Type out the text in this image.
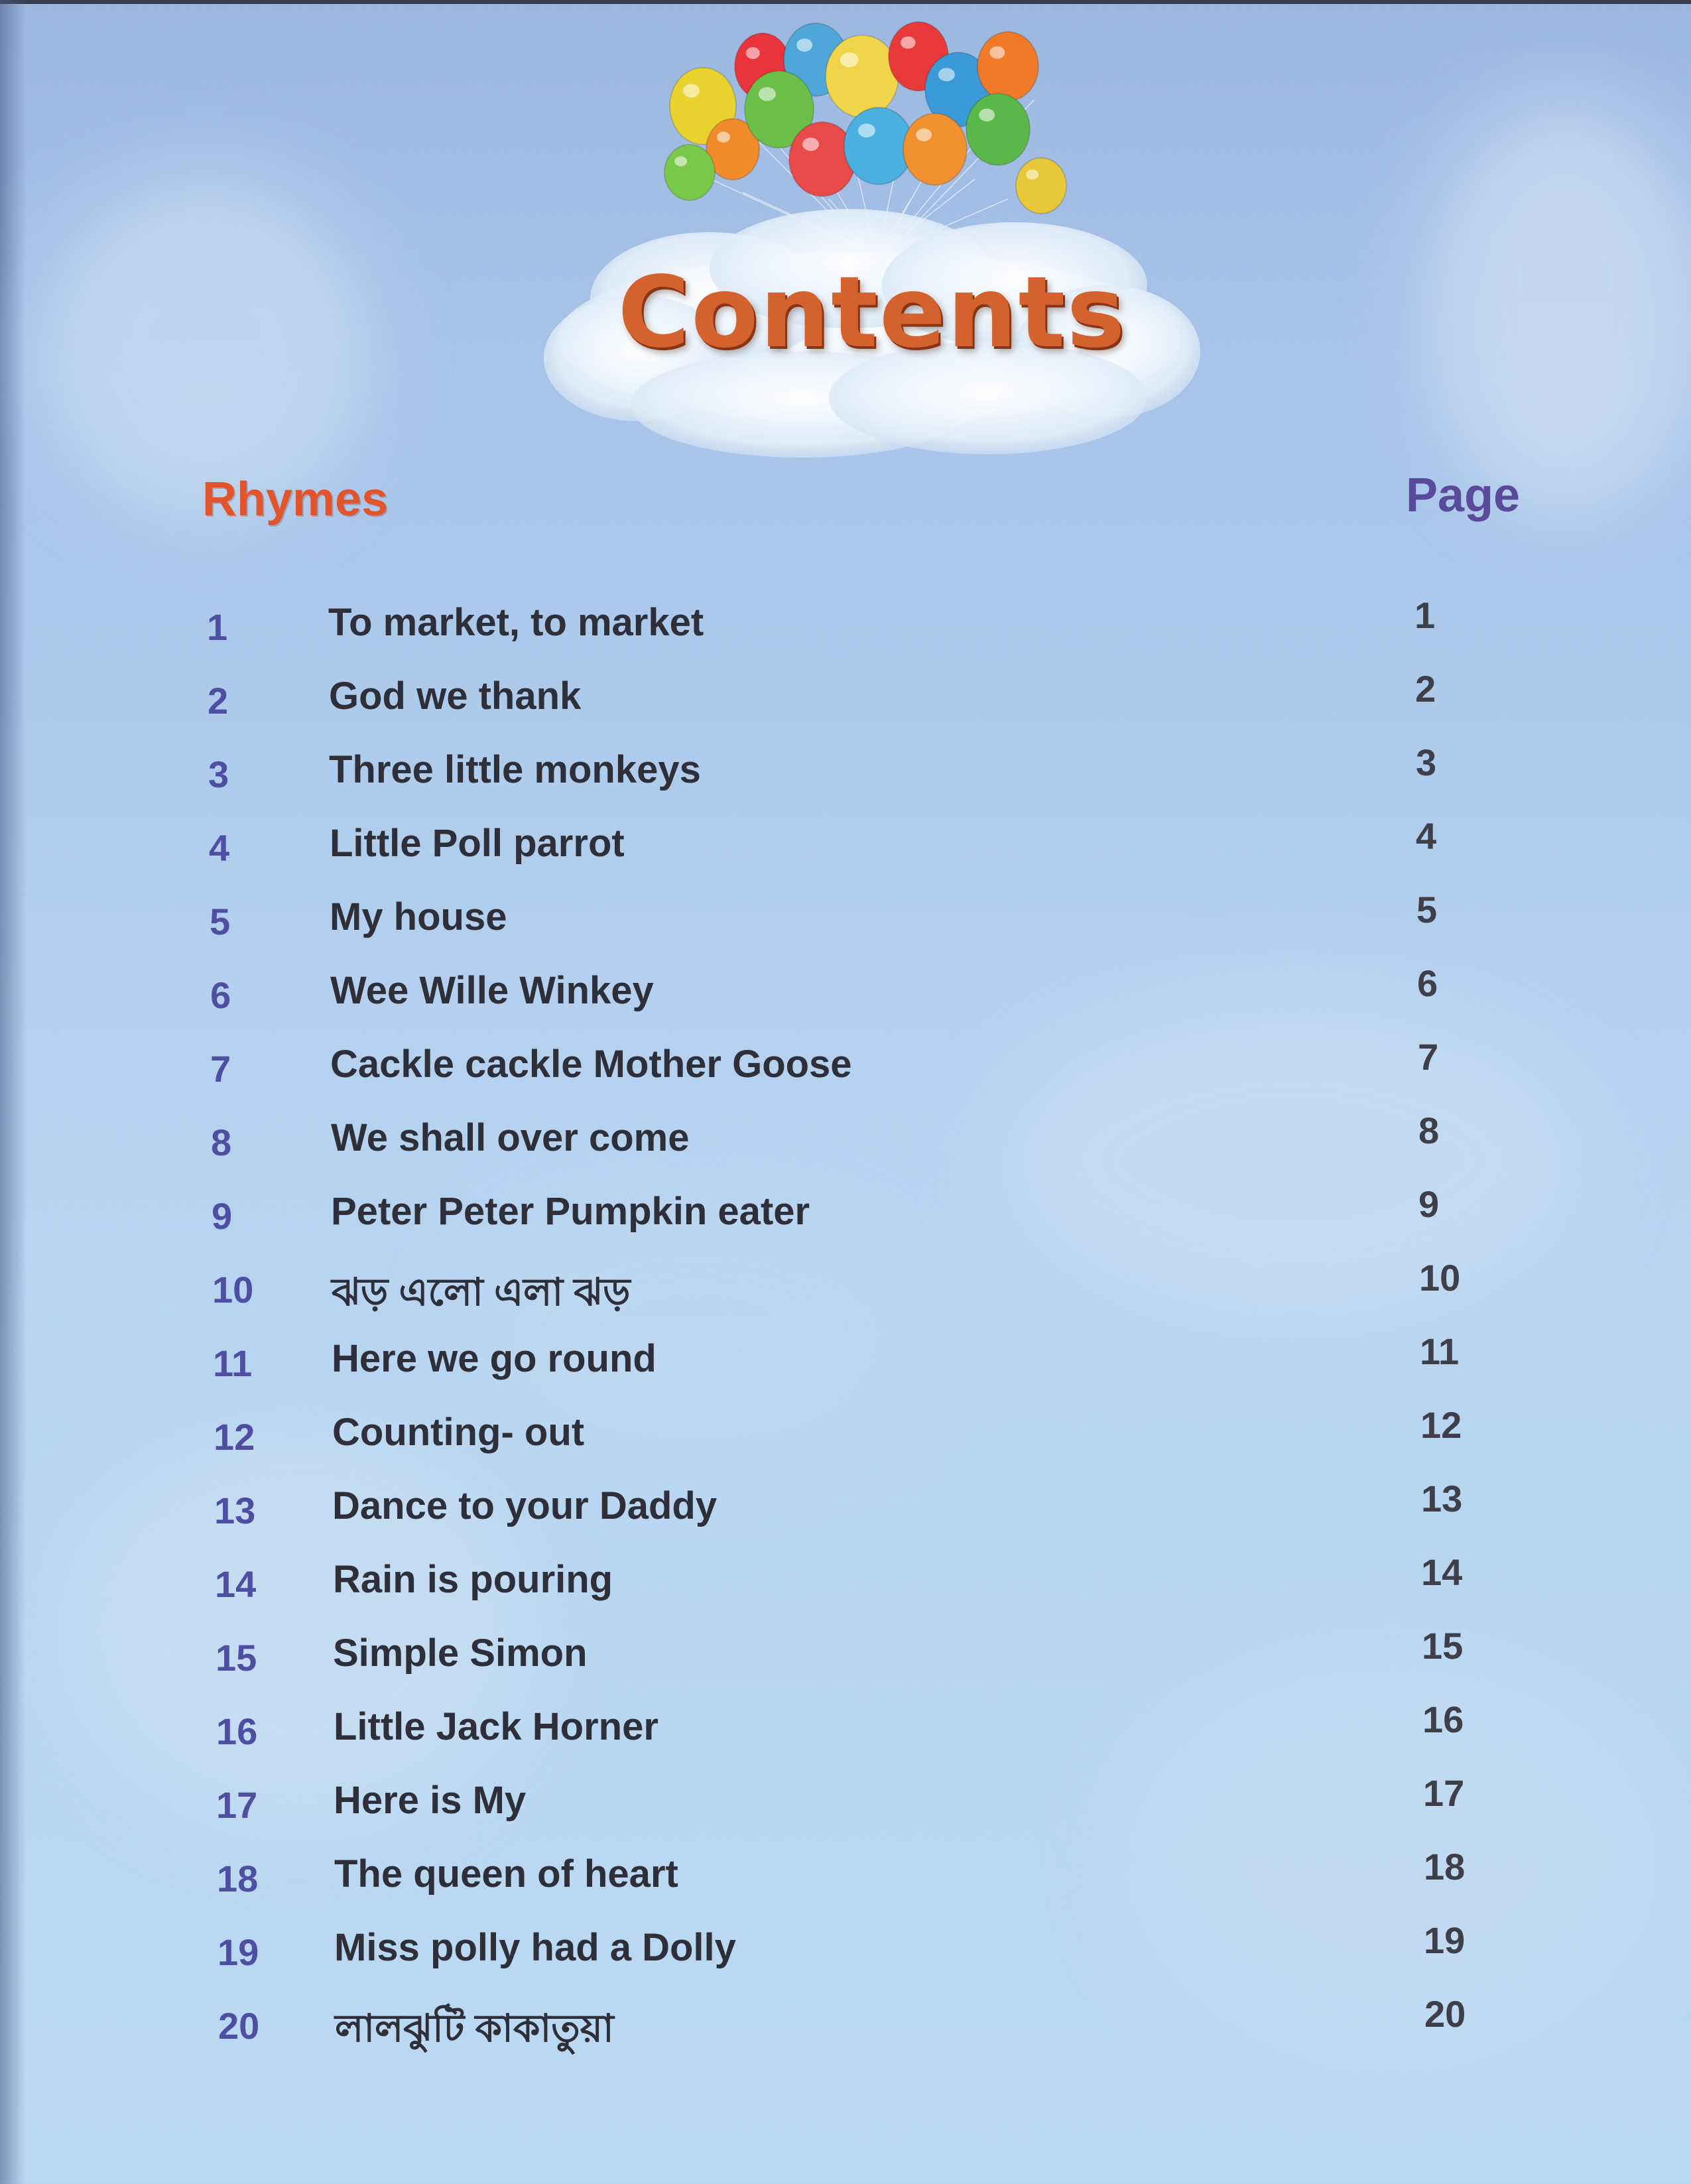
Contents
Rhymes	Page
1	To market, to market	1
2	God we thank	2
3	Three little monkeys	3
4	Little Poll parrot	4
5	My house	5
6	Wee Wille Winkey	6
7	Cackle cackle Mother Goose	7
8	We shall over come	8
9	Peter Peter Pumpkin eater	9
10 ঝড় এলো এলা ঝড়	10
11 Here we go round	11
12 Counting- out	12
13 Dance to your Daddy	13
14 Rain is pouring	14
15 Simple Simon	15
16 Little Jack Horner	16
17 Here is My	17
18 The queen of heart	18
19 Miss polly had a Dolly	19
20 লালঝুটি কাকাতুয়া	20
